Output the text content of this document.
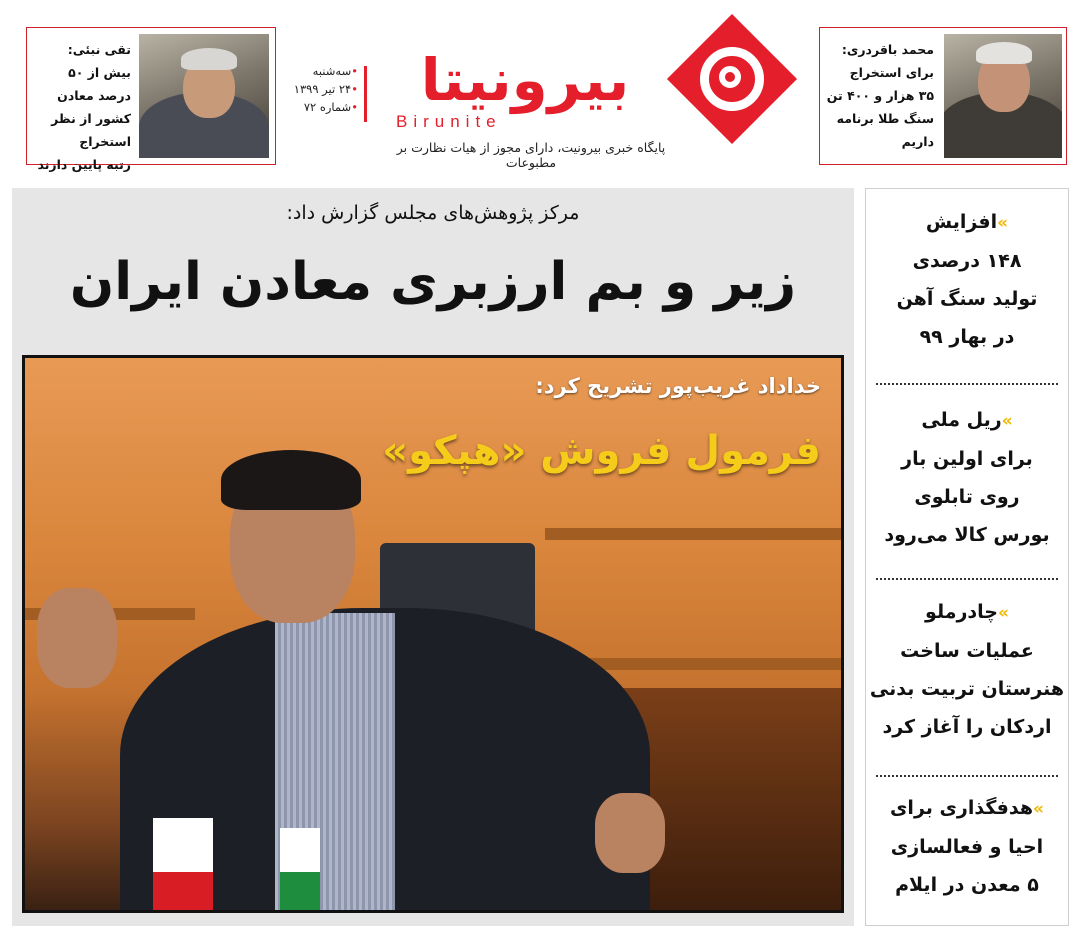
تقی نبئی:
بیش از ۵۰ درصد معادن
کشور از نظر استخراج
رتبه پایین دارند
•سه‌شنبه
•۲۴ تیر ۱۳۹۹
•شماره ۷۲	بیرونیتا
Birunite
پایگاه خبری بیرونیت، دارای مجوز از هیات نظارت بر مطبوعات
محمد باقردری:
برای استخراج
۳۵ هزار و ۴۰۰ تن
سنگ طلا برنامه داریم
مرکز پژوهش‌های مجلس گزارش داد:
زیر و بم ارزبری معادن ایران
خداداد غریب‌پور تشریح کرد:
فرمول فروش «هپکو»
»افزایش
۱۴۸ درصدی
تولید سنگ آهن
در بهار ۹۹
»ریل ملی
برای اولین بار
روی تابلوی
بورس کالا می‌رود
»چادرملو
عملیات ساخت
هنرستان تربیت بدنی
اردکان را آغاز کرد
»هدفگذاری برای
احیا و فعالسازی
۵ معدن در ایلام
